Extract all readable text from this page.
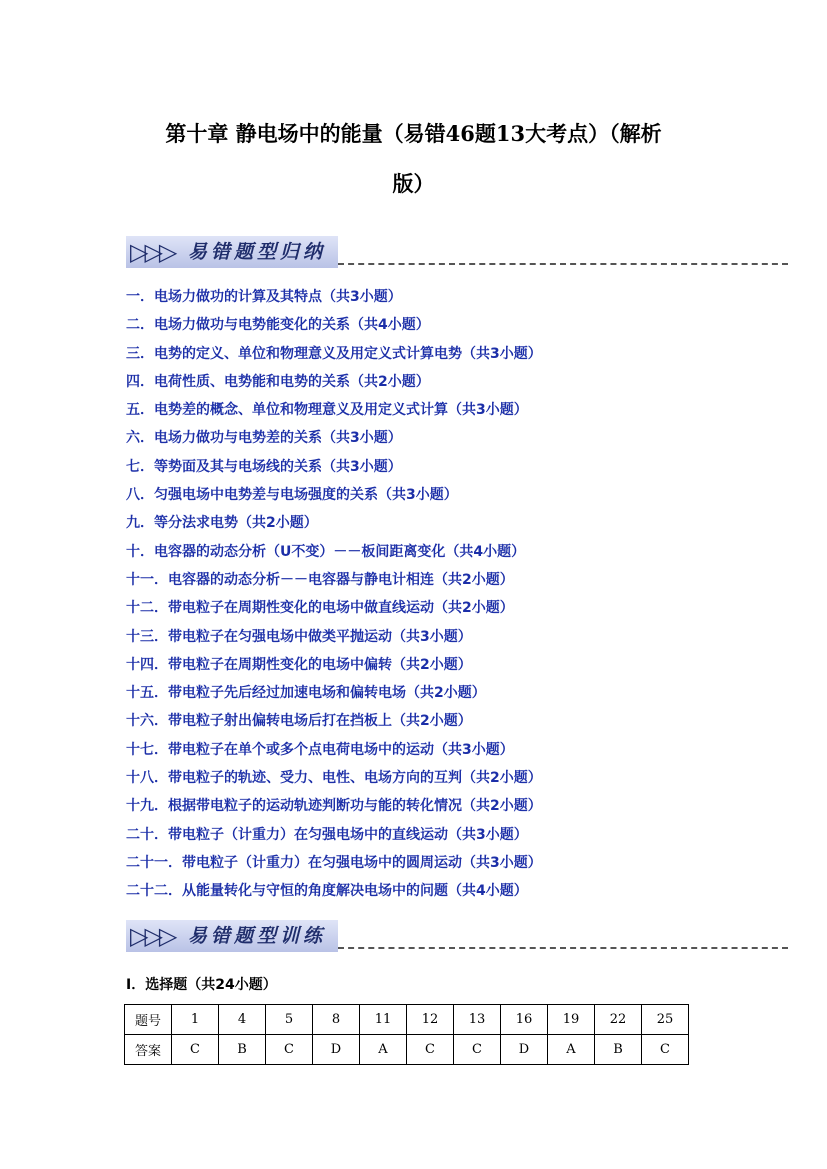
第十章 静电场中的能量（易错46题13大考点）（解析
版）
▷▷▷ 易错题型归纳
一．电场力做功的计算及其特点（共3小题）
二．电场力做功与电势能变化的关系（共4小题）
三．电势的定义、单位和物理意义及用定义式计算电势（共3小题）
四．电荷性质、电势能和电势的关系（共2小题）
五．电势差的概念、单位和物理意义及用定义式计算（共3小题）
六．电场力做功与电势差的关系（共3小题）
七．等势面及其与电场线的关系（共3小题）
八．匀强电场中电势差与电场强度的关系（共3小题）
九．等分法求电势（共2小题）
十．电容器的动态分析（U不变）－－板间距离变化（共4小题）
十一．电容器的动态分析－－电容器与静电计相连（共2小题）
十二．带电粒子在周期性变化的电场中做直线运动（共2小题）
十三．带电粒子在匀强电场中做类平抛运动（共3小题）
十四．带电粒子在周期性变化的电场中偏转（共2小题）
十五．带电粒子先后经过加速电场和偏转电场（共2小题）
十六．带电粒子射出偏转电场后打在挡板上（共2小题）
十七．带电粒子在单个或多个点电荷电场中的运动（共3小题）
十八．带电粒子的轨迹、受力、电性、电场方向的互判（共2小题）
十九．根据带电粒子的运动轨迹判断功与能的转化情况（共2小题）
二十．带电粒子（计重力）在匀强电场中的直线运动（共3小题）
二十一．带电粒子（计重力）在匀强电场中的圆周运动（共3小题）
二十二．从能量转化与守恒的角度解决电场中的问题（共4小题）
▷▷▷ 易错题型训练
Ⅰ．选择题（共24小题）
题号	1	4	5	8	11	12	13	16	19	22	25
答案	C	B	C	D	A	C	C	D	A	B	C
